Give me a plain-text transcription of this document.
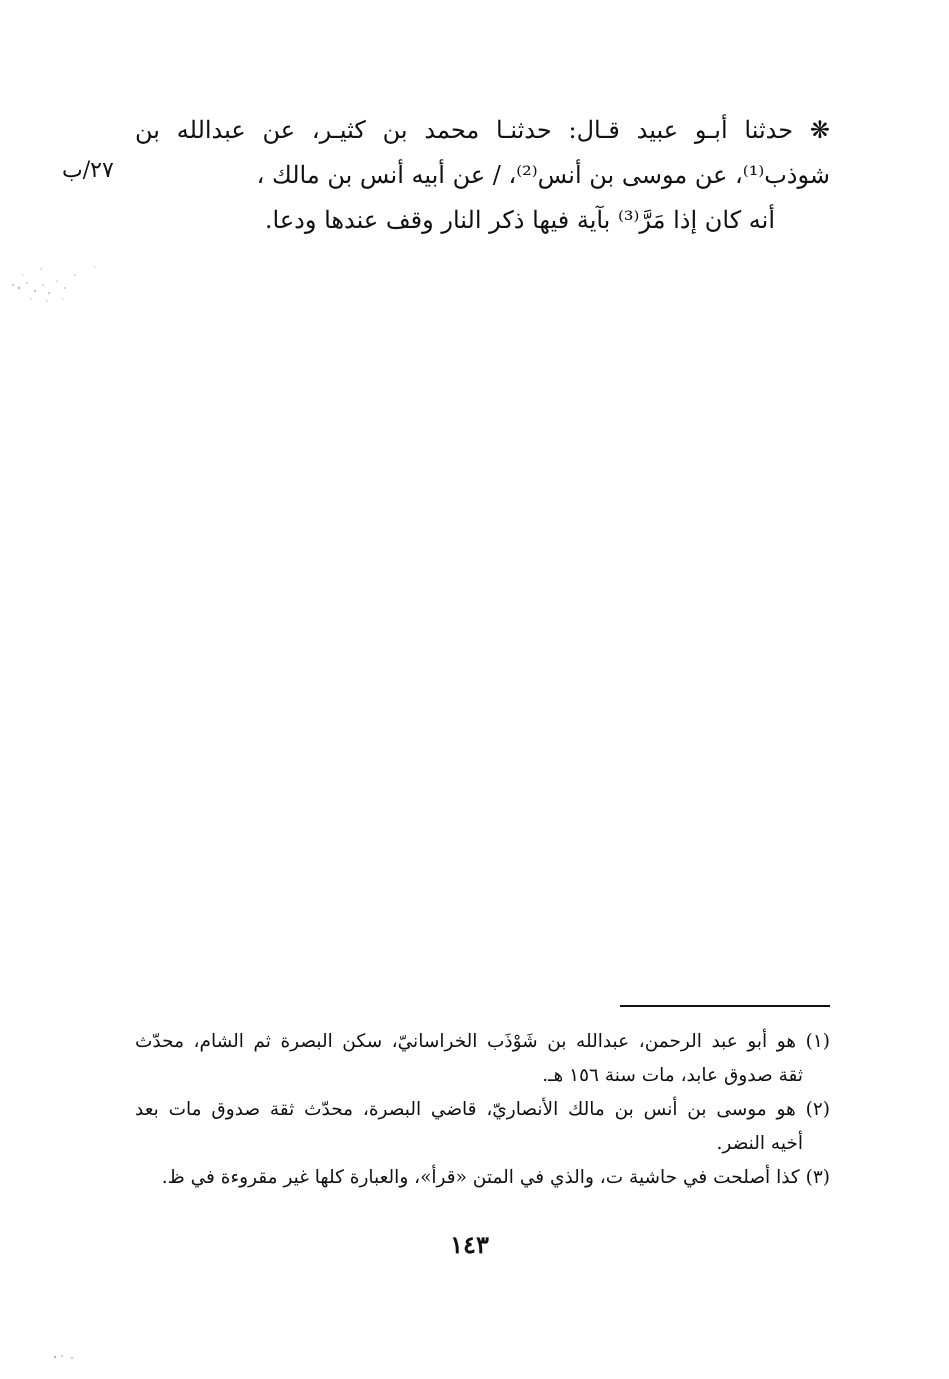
❋ حدثنا أبـو عبيد قـال: حدثنـا محمد بن كثيـر، عن عبدالله بن
شوذب⁽¹⁾، عن موسى بن أنس⁽²⁾، / عن أبيه أنس بن مالك ،
أنه كان إذا مَرَّ⁽³⁾ بآية فيها ذكر النار وقف عندها ودعا.
٢٧/ب
(١) هو أبو عبد الرحمن، عبدالله بن شَوْذَب الخراسانيّ، سكن البصرة ثم الشام، محدّث
ثقة صدوق عابد، مات سنة ١٥٦ هـ.
(٢) هو موسى بن أنس بن مالك الأنصاريّ، قاضي البصرة، محدّث ثقة صدوق مات بعد
أخيه النضر.
(٣) كذا أصلحت في حاشية ت، والذي في المتن «قرأ»، والعبارة كلها غير مقروءة في ظ.
١٤٣
